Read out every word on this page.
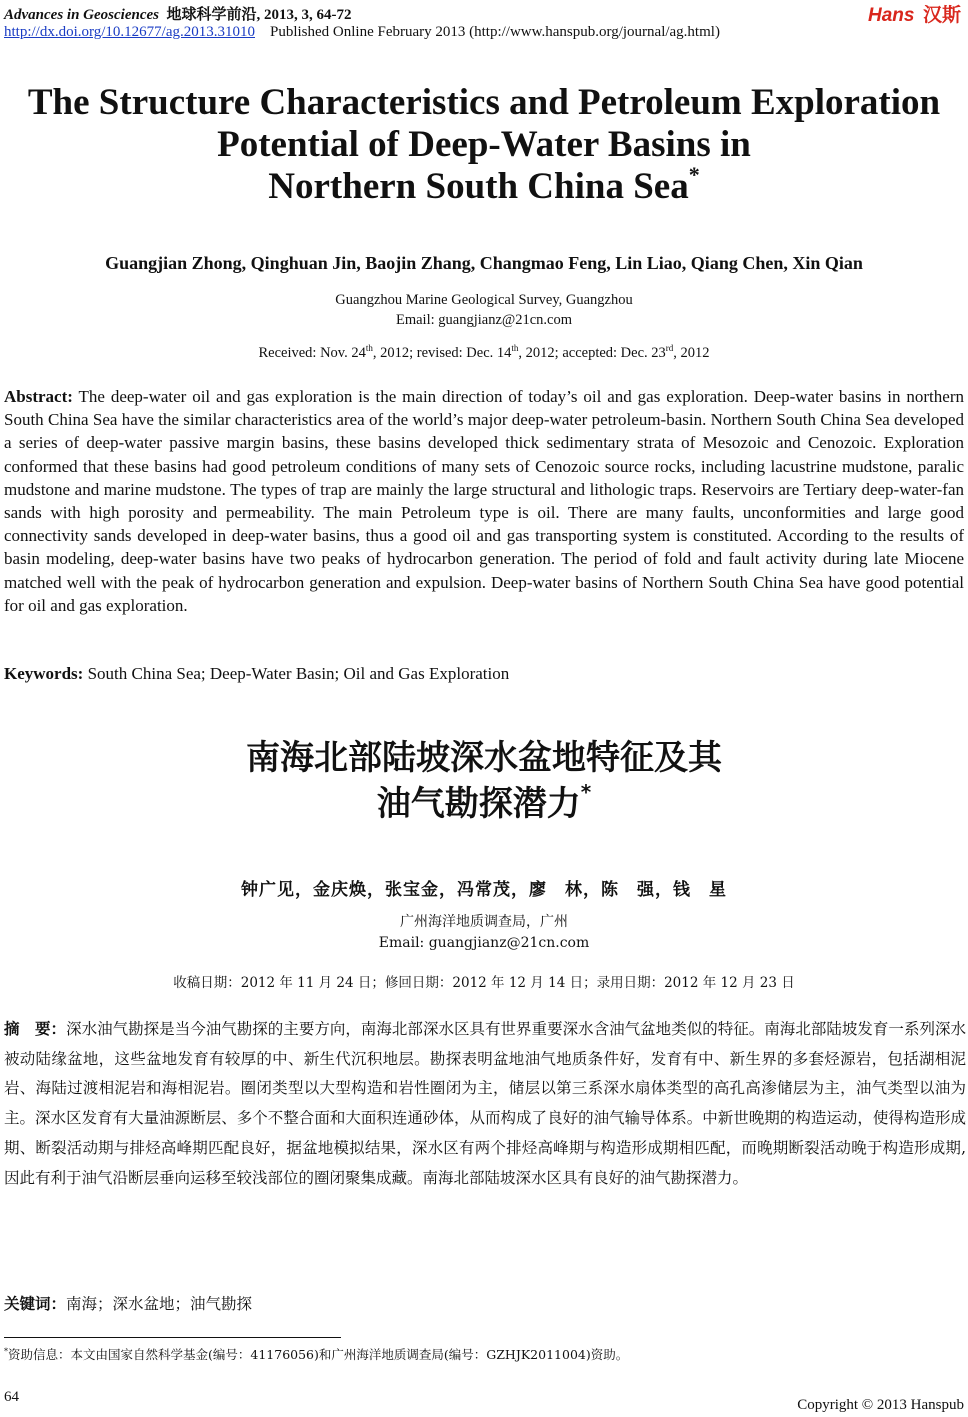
Advances in Geosciences 地球科学前沿, 2013, 3, 64-72
http://dx.doi.org/10.12677/ag.2013.31010 Published Online February 2013 (http://www.hanspub.org/journal/ag.html)
Hans 汉斯
The Structure Characteristics and Petroleum Exploration
Potential of Deep-Water Basins in
Northern South China Sea*
Guangjian Zhong, Qinghuan Jin, Baojin Zhang, Changmao Feng, Lin Liao, Qiang Chen, Xin Qian
Guangzhou Marine Geological Survey, Guangzhou
Email: guangjianz@21cn.com
Received: Nov. 24th, 2012; revised: Dec. 14th, 2012; accepted: Dec. 23rd, 2012
Abstract: The deep-water oil and gas exploration is the main direction of today’s oil and gas exploration. Deep-water basins in northern South China Sea have the similar characteristics area of the world’s major deep-water petroleum-basin. Northern South China Sea developed a series of deep-water passive margin basins, these basins developed thick sedimentary strata of Mesozoic and Cenozoic. Exploration conformed that these basins had good petroleum conditions of many sets of Cenozoic source rocks, including lacustrine mudstone, paralic mudstone and marine mudstone. The types of trap are mainly the large structural and lithologic traps. Reservoirs are Tertiary deep-water-fan sands with high porosity and permeability. The main Petroleum type is oil. There are many faults, unconformities and large good connectivity sands developed in deep-water basins, thus a good oil and gas transporting system is constituted. According to the results of basin modeling, deep-water basins have two peaks of hydrocarbon generation. The period of fold and fault activity during late Miocene matched well with the peak of hydrocarbon generation and expulsion. Deep-water basins of Northern South China Sea have good potential for oil and gas exploration.
Keywords: South China Sea; Deep-Water Basin; Oil and Gas Exploration
南海北部陆坡深水盆地特征及其
油气勘探潜力*
钟广见，金庆焕，张宝金，冯常茂，廖　林，陈　强，钱　星
广州海洋地质调查局，广州
Email: guangjianz@21cn.com
收稿日期：2012 年 11 月 24 日；修回日期：2012 年 12 月 14 日；录用日期：2012 年 12 月 23 日
摘　要：深水油气勘探是当今油气勘探的主要方向，南海北部深水区具有世界重要深水含油气盆地类似的特征。南海北部陆坡发育一系列深水被动陆缘盆地，这些盆地发育有较厚的中、新生代沉积地层。勘探表明盆地油气地质条件好，发育有中、新生界的多套烃源岩，包括湖相泥岩、海陆过渡相泥岩和海相泥岩。圈闭类型以大型构造和岩性圈闭为主，储层以第三系深水扇体类型的高孔高渗储层为主，油气类型以油为主。深水区发育有大量油源断层、多个不整合面和大面积连通砂体，从而构成了良好的油气输导体系。中新世晚期的构造运动，使得构造形成期、断裂活动期与排烃高峰期匹配良好，据盆地模拟结果，深水区有两个排烃高峰期与构造形成期相匹配，而晚期断裂活动晚于构造形成期, 因此有利于油气沿断层垂向运移至较浅部位的圈闭聚集成藏。南海北部陆坡深水区具有良好的油气勘探潜力。
关键词：南海；深水盆地；油气勘探
*资助信息：本文由国家自然科学基金(编号：41176056)和广州海洋地质调查局(编号：GZHJK2011004)资助。
64	Copyright © 2013 Hanspub
